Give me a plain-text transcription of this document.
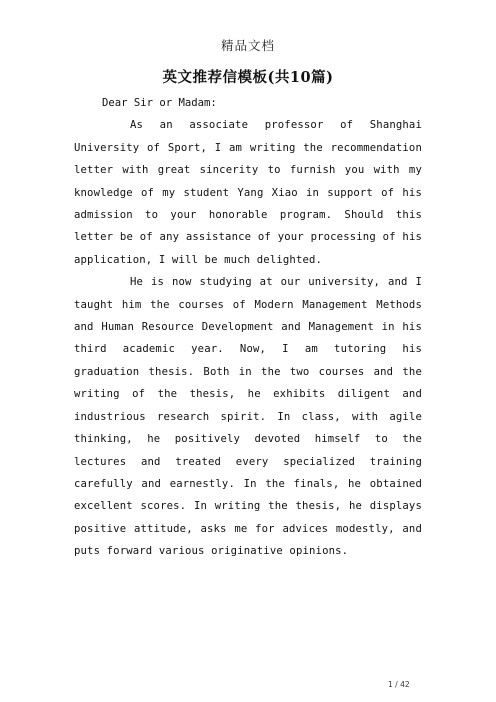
精品文档
英文推荐信模板(共10篇)

Dear Sir or Madam:

As an associate professor of Shanghai University of Sport, I am writing the recommendation letter with great sincerity to furnish you with my knowledge of my student Yang Xiao in support of his admission to your honorable program. Should this letter be of any assistance of your processing of his application, I will be much delighted.

He is now studying at our university, and I taught him the courses of Modern Management Methods and Human Resource Development and Management in his third academic year. Now, I am tutoring his graduation thesis. Both in the two courses and the writing of the thesis, he exhibits diligent and industrious research spirit. In class, with agile thinking, he positively devoted himself to the lectures and treated every specialized training carefully and earnestly. In the finals, he obtained excellent scores. In writing the thesis, he displays positive attitude, asks me for advices modestly, and puts forward various originative opinions.

1 / 42
